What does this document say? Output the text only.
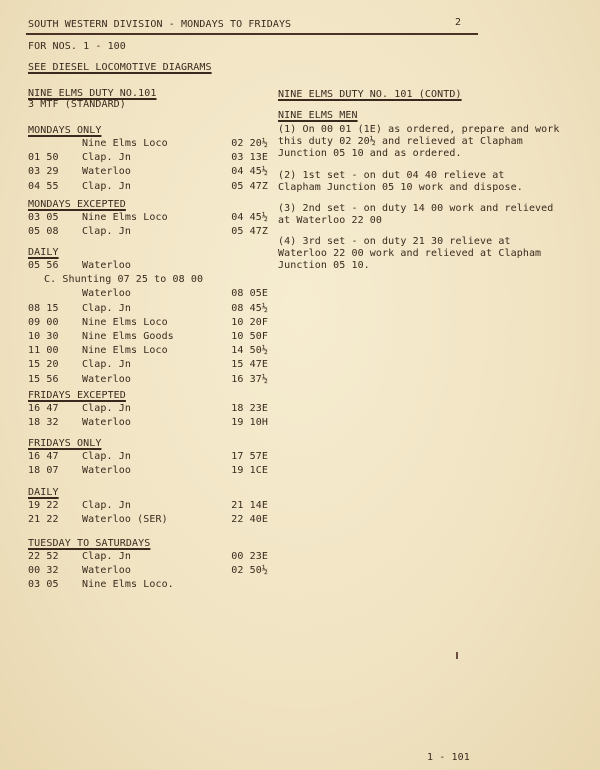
SOUTH WESTERN DIVISION - MONDAYS TO FRIDAYS	2
FOR NOS. 1 - 100
SEE DIESEL LOCOMOTIVE DIAGRAMS
NINE ELMS DUTY NO.101
3 MTF (STANDARD)
MONDAYS ONLY
Nine Elms Loco	02 20½
01 50 Clap. Jn	03 13E
03 29 Waterloo	04 45½
04 55 Clap. Jn	05 47Z
MONDAYS EXCEPTED
03 05 Nine Elms Loco	04 45½
05 08 Clap. Jn	05 47Z
DAILY
05 56 Waterloo
C. Shunting 07 25 to 08 00
Waterloo	08 05E
08 15 Clap. Jn	08 45½
09 00 Nine Elms Loco	10 20F
10 30 Nine Elms Goods	10 50F
11 00 Nine Elms Loco	14 50½
15 20 Clap. Jn	15 47E
15 56 Waterloo	16 37½
FRIDAYS EXCEPTED
16 47 Clap. Jn	18 23E
18 32 Waterloo	19 10H
FRIDAYS ONLY
16 47 Clap. Jn	17 57E
18 07 Waterloo	19 1CE
DAILY
19 22 Clap. Jn	21 14E
21 22 Waterloo (SER)	22 40E
TUESDAY TO SATURDAYS
22 52 Clap. Jn	00 23E
00 32 Waterloo	02 50½
03 05 Nine Elms Loco.
NINE ELMS DUTY NO. 101 (CONTD)
NINE ELMS MEN
(1) On 00 01 (1E) as ordered, prepare and work
this duty 02 20½ and relieved at Clapham
Junction 05 10 and as ordered.
(2) 1st set - on dut 04 40 relieve at
Clapham Junction 05 10 work and dispose.
(3) 2nd set - on duty 14 00 work and relieved
at Waterloo 22 00
(4) 3rd set - on duty 21 30 relieve at
Waterloo 22 00 work and relieved at Clapham
Junction 05 10.
1 - 101
